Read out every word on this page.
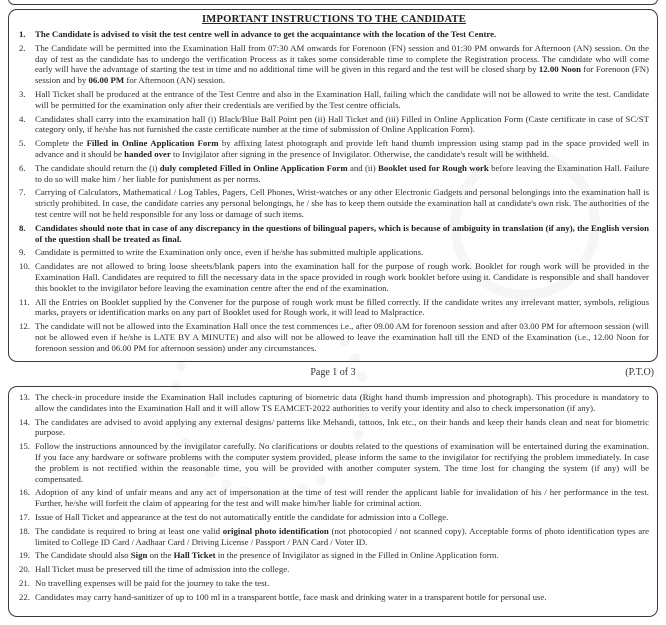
IMPORTANT INSTRUCTIONS TO THE CANDIDATE
1.	The Candidate is advised to visit the test centre well in advance to get the acquaintance with the location of the Test Centre.
2.	The Candidate will be permitted into the Examination Hall from 07:30 AM onwards for Forenoon (FN) session and 01:30 PM onwards for Afternoon (AN) session. On the day of test as the candidate has to undergo the verification Process as it takes some considerable time to complete the Registration process. The candidate who will come early will have the advantage of starting the test in time and no additional time will be given in this regard and the test will be closed sharp by 12.00 Noon for Forenoon (FN) session and by 06.00 PM for Afternoon (AN) session.
3.	Hall Ticket shall be produced at the entrance of the Test Centre and also in the Examination Hall, failing which the candidate will not be allowed to write the test. Candidate will be permitted for the examination only after their credentials are verified by the Test centre officials.
4.	Candidates shall carry into the examination hall (i) Black/Blue Ball Point pen (ii) Hall Ticket and (iii) Filled in Online Application Form (Caste certificate in case of SC/ST category only, if he/she has not furnished the caste certificate number at the time of submission of Online Application Form).
5.	Complete the Filled in Online Application Form by affixing latest photograph and provide left hand thumb impression using stamp pad in the space provided well in advance and it should be handed over to Invigilator after signing in the presence of Invigilator. Otherwise, the candidate's result will be withheld.
6.	The candidate should return the (i) duly completed Filled in Online Application Form and (ii) Booklet used for Rough work before leaving the Examination Hall. Failure to do so will make him / her liable for punishment as per norms.
7.	Carrying of Calculators, Mathematical / Log Tables, Pagers, Cell Phones, Wrist-watches or any other Electronic Gadgets and personal belongings into the examination hall is strictly prohibited. In case, the candidate carries any personal belongings, he / she has to keep them outside the examination hall at candidate's own risk. The authorities of the test centre will not be held responsible for any loss or damage of such items.
8.	Candidates should note that in case of any discrepancy in the questions of bilingual papers, which is because of ambiguity in translation (if any), the English version of the question shall be treated as final.
9.	Candidate is permitted to write the Examination only once, even if he/she has submitted multiple applications.
10. Candidates are not allowed to bring loose sheets/blank papers into the examination hall for the purpose of rough work. Booklet for rough work will be provided in the Examination Hall. Candidates are required to fill the necessary data in the space provided in rough work booklet before using it. Candidate is responsible and shall handover this booklet to the invigilator before leaving the examination centre after the end of the examination.
11. All the Entries on Booklet supplied by the Convener for the purpose of rough work must be filled correctly. If the candidate writes any irrelevant matter, symbols, religious marks, prayers or identification marks on any part of Booklet used for Rough work, it will lead to Malpractice.
12. The candidate will not be allowed into the Examination Hall once the test commences i.e., after 09.00 AM for forenoon session and after 03.00 PM for afternoon session (will not be allowed even if he/she is LATE BY A MINUTE) and also will not be allowed to leave the examination hall till the END of the Examination (i.e., 12.00 Noon for forenoon session and 06.00 PM for afternoon session) under any circumstances.
Page 1 of 3	(P.T.O)
13. The check-in procedure inside the Examination Hall includes capturing of biometric data (Right hand thumb impression and photograph). This procedure is mandatory to allow the candidates into the Examination Hall and it will allow TS EAMCET-2022 authorities to verify your identity and also to check impersonation (if any).
14. The candidates are advised to avoid applying any external designs/ patterns like Mehandi, tattoos, Ink etc., on their hands and keep their hands clean and neat for biometric purpose.
15. Follow the instructions announced by the invigilator carefully. No clarifications or doubts related to the questions of examination will be entertained during the examination. If you face any hardware or software problems with the computer system provided, please inform the same to the invigilator for rectifying the problem immediately. In case the problem is not rectified within the reasonable time, you will be provided with another computer system. The time lost for changing the system (if any) will be compensated.
16. Adoption of any kind of unfair means and any act of impersonation at the time of test will render the applicant liable for invalidation of his / her performance in the test. Further, he/she will forfeit the claim of appearing for the test and will make him/her liable for criminal action.
17. Issue of Hall Ticket and appearance at the test do not automatically entitle the candidate for admission into a College.
18. The candidate is required to bring at least one valid original photo identification (not photocopied / not scanned copy). Acceptable forms of photo identification types are limited to College ID Card / Aadhaar Card / Driving License / Passport / PAN Card / Voter ID.
19. The Candidate should also Sign on the Hall Ticket in the presence of Invigilator as signed in the Filled in Online Application form.
20. Hall Ticket must be preserved till the time of admission into the college.
21. No travelling expenses will be paid for the journey to take the test.
22. Candidates may carry hand-sanitizer of up to 100 ml in a transparent bottle, face mask and drinking water in a transparent bottle for personal use.
